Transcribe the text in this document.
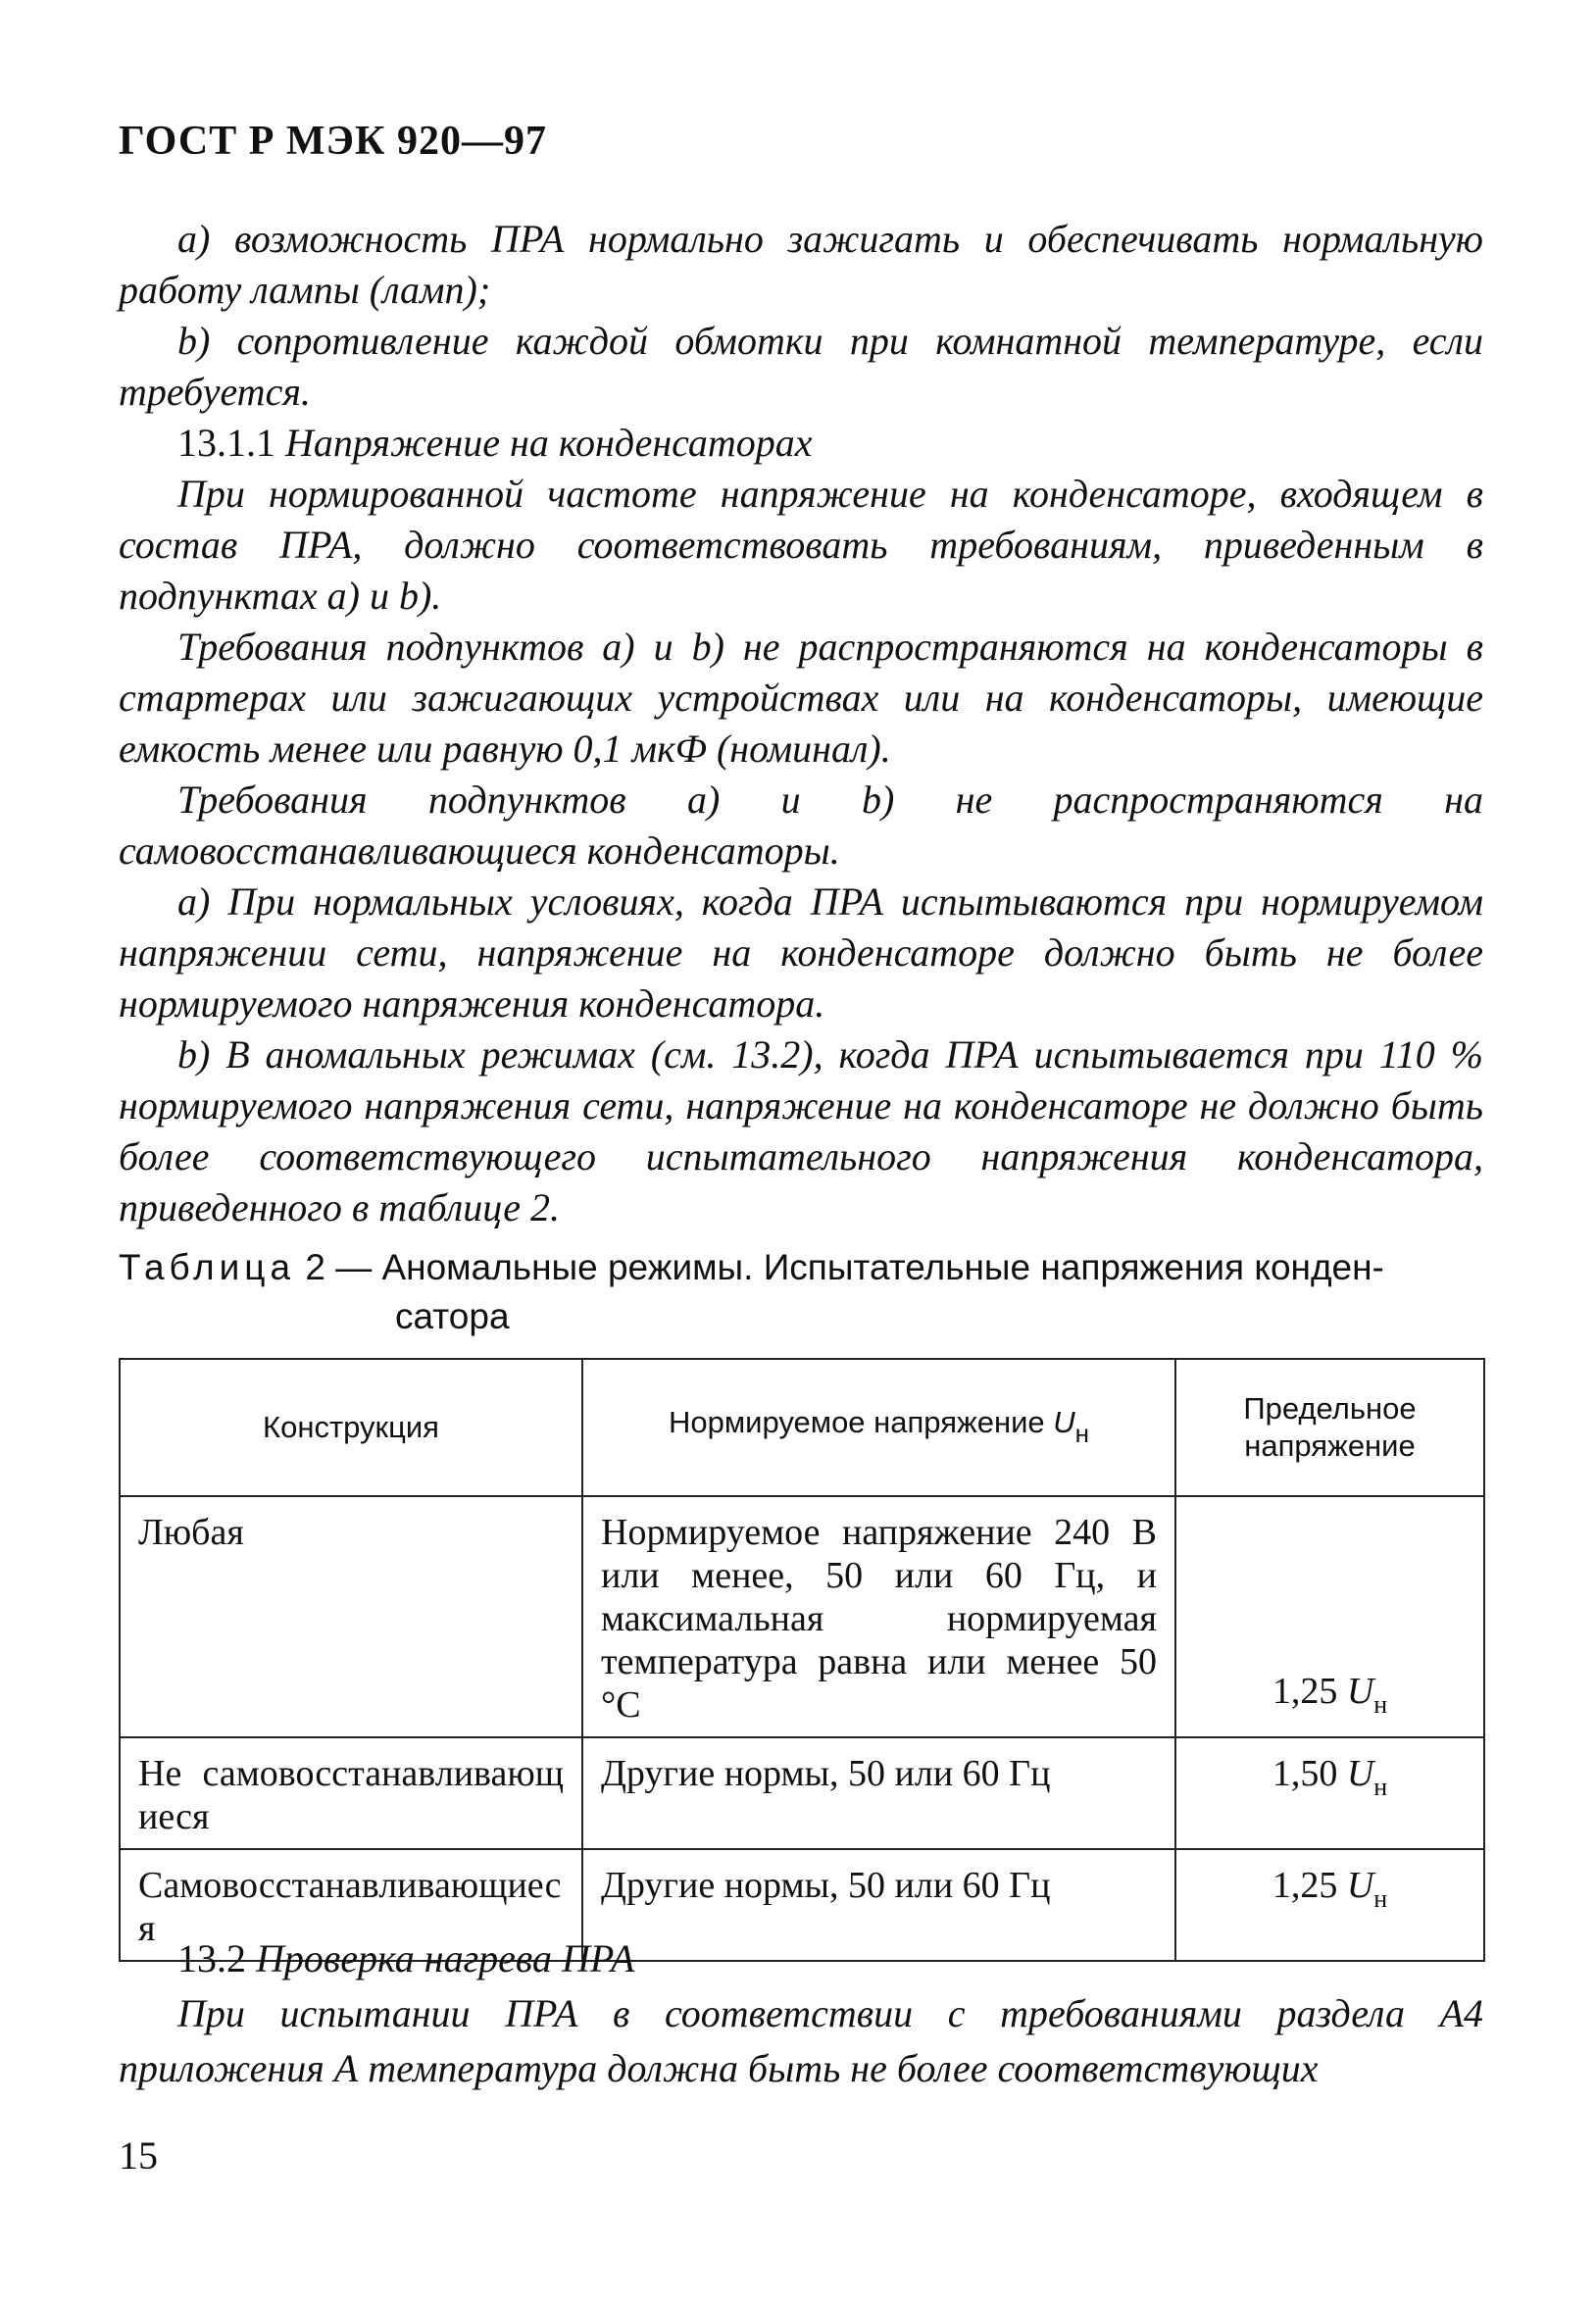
ГОСТ Р МЭК 920—97

а) возможность ПРА нормально зажигать и обеспечивать нормальную работу лампы (ламп);

b) сопротивление каждой обмотки при комнатной температуре, если требуется.

13.1.1 Напряжение на конденсаторах

При нормированной частоте напряжение на конденсаторе, входящем в состав ПРА, должно соответствовать требованиям, приведенным в подпунктах а) и b).

Требования подпунктов а) и b) не распространяются на конденсаторы в стартерах или зажигающих устройствах или на конденсаторы, имеющие емкость менее или равную 0,1 мкФ (номинал).

Требования подпунктов а) и b) не распространяются на самовосстанавливающиеся конденсаторы.

а) При нормальных условиях, когда ПРА испытываются при нормируемом напряжении сети, напряжение на конденсаторе должно быть не более нормируемого напряжения конденсатора.

b) В аномальных режимах (см. 13.2), когда ПРА испытывается при 110 % нормируемого напряжения сети, напряжение на конденсаторе не должно быть более соответствующего испытательного напряжения конденсатора, приведенного в таблице 2.

Таблица 2 — Аномальные режимы. Испытательные напряжения конден-
сатора
Конструкция	Нормируемое напряжение $U_н$	Предельное напряжение
Любая	Нормируемое напряжение 240 В или менее, 50 или 60 Гц, и максимальная нормируемая температура равна или менее 50 °С	1,25 $U_н$
Не самовосстанавливающиеся	Другие нормы, 50 или 60 Гц	1,50 $U_н$
Самовосстанавливающиеся	Другие нормы, 50 или 60 Гц	1,25 $U_н$

13.2 Проверка нагрева ПРА

При испытании ПРА в соответствии с требованиями раздела А4 приложения А температура должна быть не более соответствующих

15
